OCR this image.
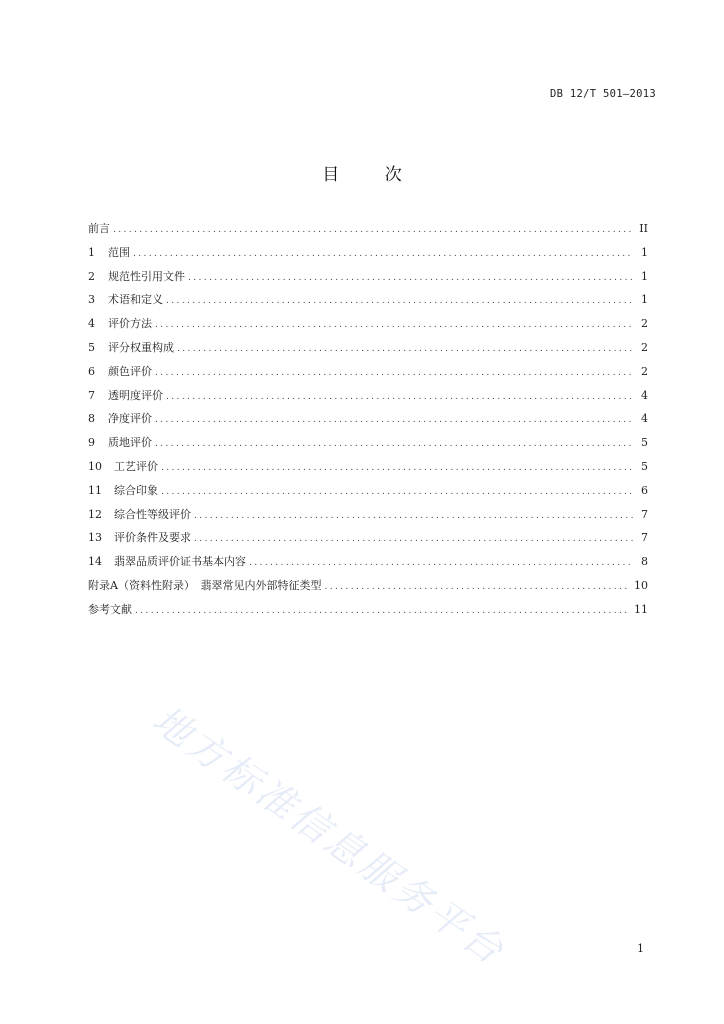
DB 12/T 501—2013
目 次
前言 .....	II
1	范围 .....	1
2	规范性引用文件 .....	1
3	术语和定义 .....	1
4	评价方法 .....	2
5	评分权重构成 .....	2
6	颜色评价 .....	2
7	透明度评价 .....	4
8	净度评价 .....	4
9	质地评价 .....	5
10	工艺评价 .....	5
11	综合印象 .....	6
12	综合性等级评价 .....	7
13	评价条件及要求 .....	7
14	翡翠品质评价证书基本内容 .....	8
附录A（资料性附录）　翡翠常见内外部特征类型 .....	10
参考文献 .....	11
地方标准信息服务平台	1
